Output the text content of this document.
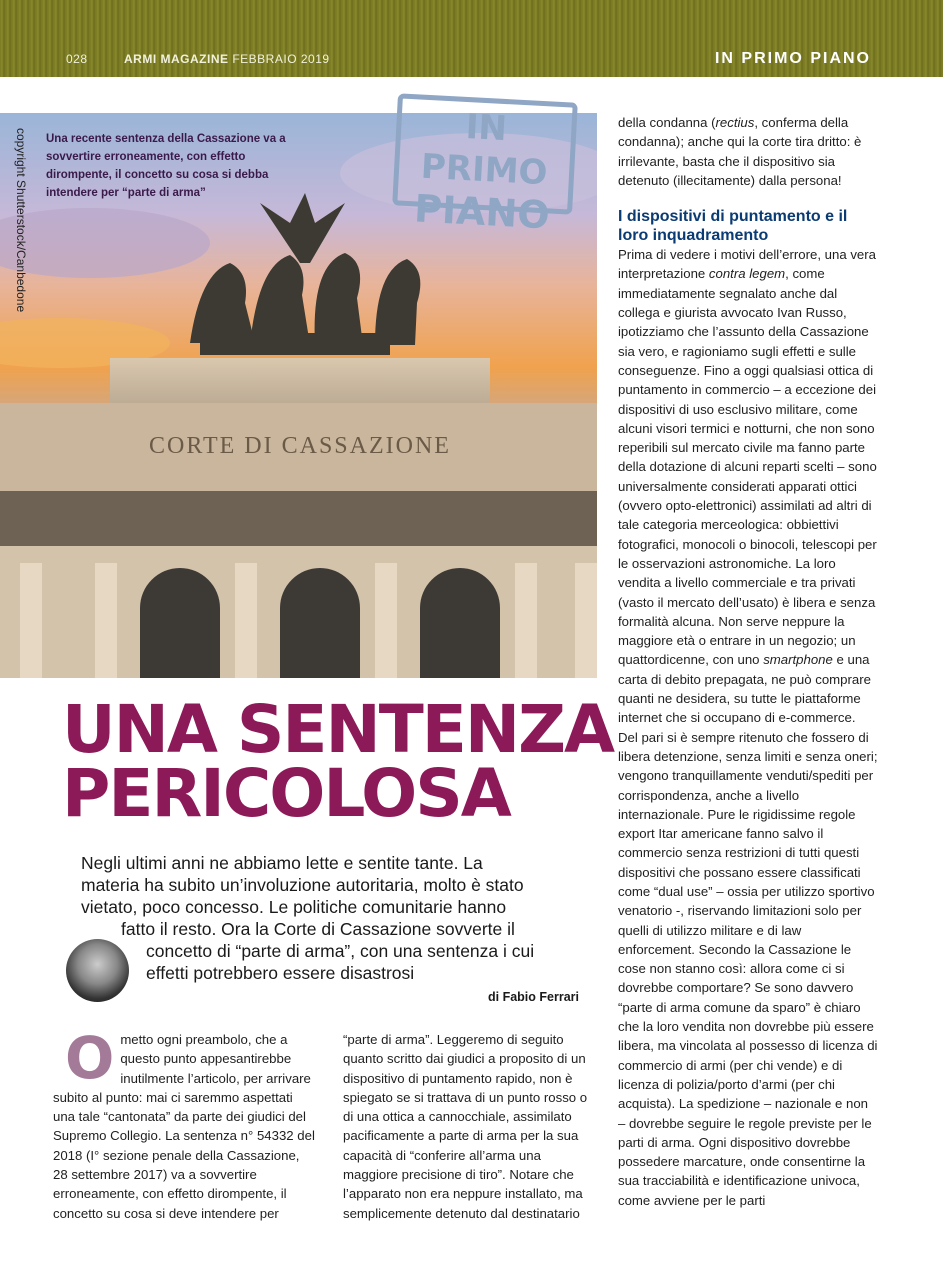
028	ARMI MAGAZINE FEBBRAIO 2019	IN PRIMO PIANO
CORTE DI CASSAZIONE
copyright Shutterstock/Canbedone Una recente sentenza della Cassazione va a sovvertire erroneamente, con effetto dirompente, il concetto su cosa si debba intendere per “parte di arma”
IN PRIMO
PIANO
UNA SENTENZA
PERICOLOSA

Negli ultimi anni ne abbiamo lette e sentite tante. La

materia ha subito un’involuzione autoritaria, molto è stato

vietato, poco concesso. Le politiche comunitarie hanno

fatto il resto. Ora la Corte di Cassazione sovverte il

concetto di “parte di arma”, con una sentenza i cui

effetti potrebbero essere disastrosi

di Fabio Ferrari
O metto ogni preambolo, che a questo punto appesantirebbe inutilmente l’articolo, per arrivare subito al punto: mai ci saremmo aspettati una tale “cantonata” da parte dei giudici del Supremo Collegio. La sentenza n° 54332 del 2018 (I° sezione penale della Cassazione, 28 settembre 2017) va a sovvertire erroneamente, con effetto dirompente, il concetto su cosa si deve intendere per

“parte di arma”. Leggeremo di seguito quanto scritto dai giudici a proposito di un dispositivo di puntamento rapido, non è spiegato se si trattava di un punto rosso o di una ottica a cannocchiale, assimilato pacificamente a parte di arma per la sua capacità di “conferire all’arma una maggiore precisione di tiro”. Notare che l’apparato non era neppure installato, ma semplicemente detenuto dal destinatario

della condanna (rectius, conferma della condanna); anche qui la corte tira dritto: è irrilevante, basta che il dispositivo sia detenuto (illecitamente) dalla persona!

I dispositivi di puntamento e il loro inquadramento

Prima di vedere i motivi dell’errore, una vera interpretazione contra legem, come immediatamente segnalato anche dal collega e giurista avvocato Ivan Russo, ipotizziamo che l’assunto della Cassazione sia vero, e ragioniamo sugli effetti e sulle conseguenze. Fino a oggi qualsiasi ottica di puntamento in commercio – a eccezione dei dispositivi di uso esclusivo militare, come alcuni visori termici e notturni, che non sono reperibili sul mercato civile ma fanno parte della dotazione di alcuni reparti scelti – sono universalmente considerati apparati ottici (ovvero opto-elettronici) assimilati ad altri di tale categoria merceologica: obbiettivi fotografici, monocoli o binocoli, telescopi per le osservazioni astronomiche. La loro vendita a livello commerciale e tra privati (vasto il mercato dell’usato) è libera e senza formalità alcuna. Non serve neppure la maggiore età o entrare in un negozio; un quattordicenne, con uno smartphone e una carta di debito prepagata, ne può comprare quanti ne desidera, su tutte le piattaforme internet che si occupano di e-commerce. Del pari si è sempre ritenuto che fossero di libera detenzione, senza limiti e senza oneri; vengono tranquillamente venduti/spediti per corrispondenza, anche a livello internazionale. Pure le rigidissime regole export Itar americane fanno salvo il commercio senza restrizioni di tutti questi dispositivi che possano essere classificati come “dual use” – ossia per utilizzo sportivo venatorio -, riservando limitazioni solo per quelli di utilizzo militare e di law enforcement. Secondo la Cassazione le cose non stanno così: allora come ci si dovrebbe comportare? Se sono davvero “parte di arma comune da sparo” è chiaro che la loro vendita non dovrebbe più essere libera, ma vincolata al possesso di licenza di commercio di armi (per chi vende) e di licenza di polizia/porto d’armi (per chi acquista). La spedizione – nazionale e non – dovrebbe seguire le regole previste per le parti di arma. Ogni dispositivo dovrebbe possedere marcature, onde consentirne la sua tracciabilità e identificazione univoca, come avviene per le parti
